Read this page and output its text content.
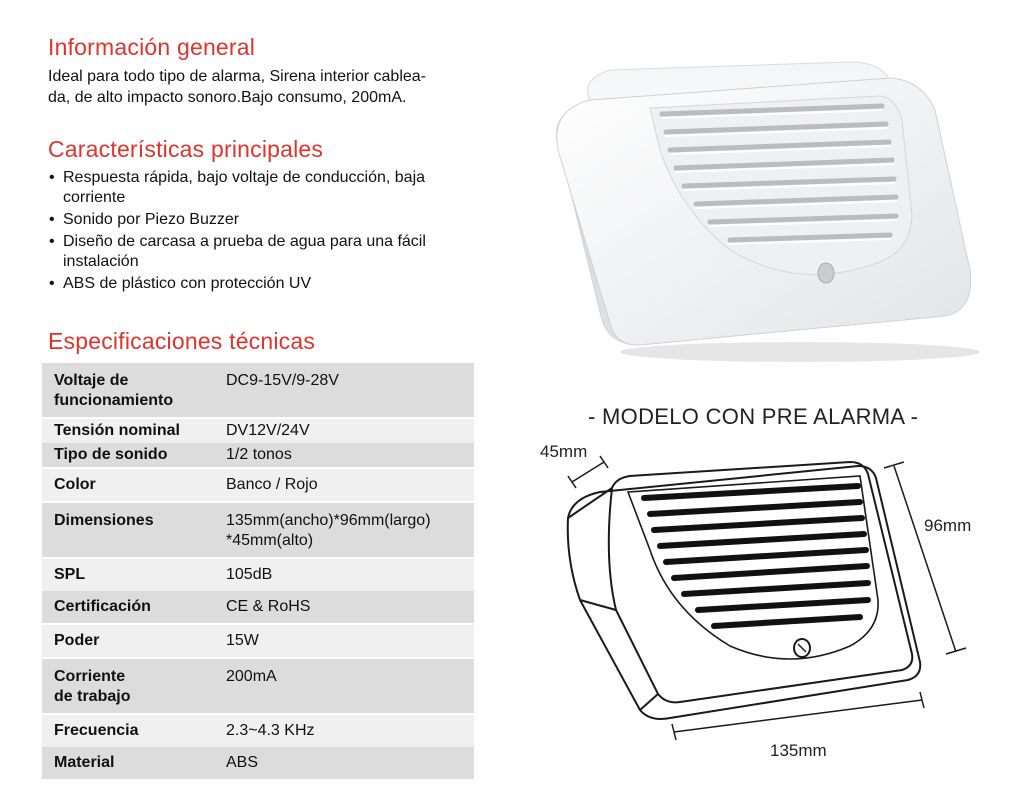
Información general

Ideal para todo tipo de alarma, Sirena interior cablea-
da, de alto impacto sonoro.Bajo consumo, 200mA.

Características principales
• Respuesta rápida, bajo voltaje de conducción, baja
corriente
• Sonido por Piezo Buzzer
• Diseño de carcasa a prueba de agua para una fácil
instalación
• ABS de plástico con protección UV
Especificaciones técnicas
Voltaje de
funcionamiento	DC9-15V/9-28V
Tensión nominal	DV12V/24V
Tipo de sonido	1/2 tonos
Color	Banco / Rojo
Dimensiones	135mm(ancho)*96mm(largo)
*45mm(alto)
SPL	105dB
Certificación	CE & RoHS
Poder	15W
Corriente
de trabajo	200mA
Frecuencia	2.3~4.3 KHz
Material	ABS
- MODELO CON PRE ALARMA -
45mm
96mm
135mm
